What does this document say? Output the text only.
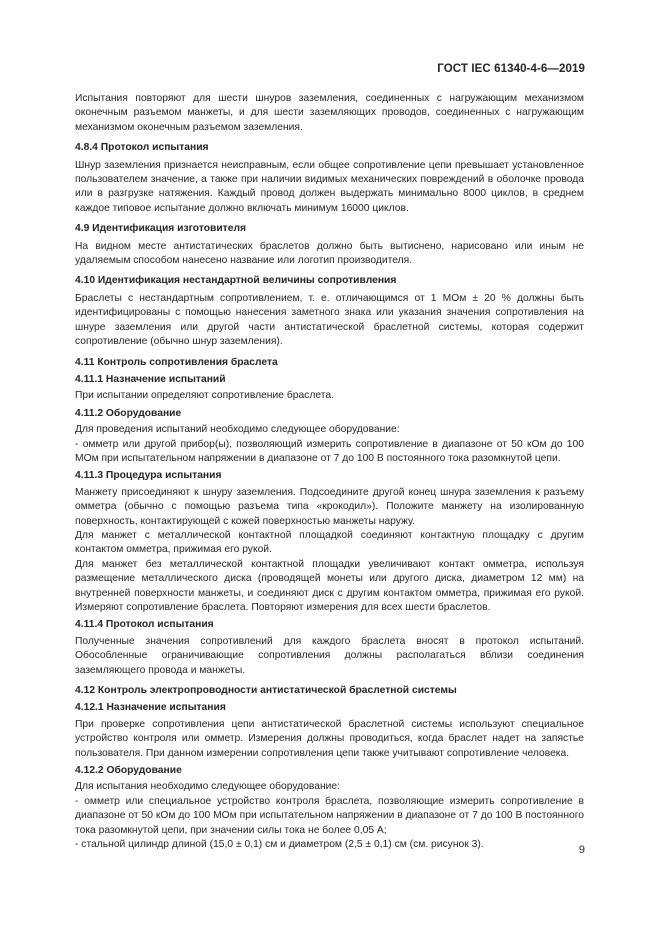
ГОСТ IEC 61340-4-6—2019
Испытания повторяют для шести шнуров заземления, соединенных с нагружающим механизмом оконечным разъемом манжеты, и для шести заземляющих проводов, соединенных с нагружающим механизмом оконечным разъемом заземления.
4.8.4 Протокол испытания
Шнур заземления признается неисправным, если общее сопротивление цепи превышает установленное пользователем значение, а также при наличии видимых механических повреждений в оболочке провода или в разгрузке натяжения. Каждый провод должен выдержать минимально 8000 циклов, в среднем каждое типовое испытание должно включать минимум 16000 циклов.
4.9 Идентификация изготовителя
На видном месте антистатических браслетов должно быть вытиснено, нарисовано или иным не удаляемым способом нанесено название или логотип производителя.
4.10 Идентификация нестандартной величины сопротивления
Браслеты с нестандартным сопротивлением, т. е. отличающимся от 1 МОм ± 20 % должны быть идентифицированы с помощью нанесения заметного знака или указания значения сопротивления на шнуре заземления или другой части антистатической браслетной системы, которая содержит сопротивление (обычно шнур заземления).
4.11 Контроль сопротивления браслета
4.11.1 Назначение испытаний
При испытании определяют сопротивление браслета.
4.11.2 Оборудование
Для проведения испытаний необходимо следующее оборудование:
- омметр или другой прибор(ы), позволяющий измерить сопротивление в диапазоне от 50 кОм до 100 МОм при испытательном напряжении в диапазоне от 7 до 100 В постоянного тока разомкнутой цепи.
4.11.3 Процедура испытания
Манжету присоединяют к шнуру заземления. Подсоедините другой конец шнура заземления к разъему омметра (обычно с помощью разъема типа «крокодил»). Положите манжету на изолированную поверхность, контактирующей с кожей поверхностью манжеты наружу.
Для манжет с металлической контактной площадкой соединяют контактную площадку с другим контактом омметра, прижимая его рукой.
Для манжет без металлической контактной площадки увеличивают контакт омметра, используя размещение металлического диска (проводящей монеты или другого диска, диаметром 12 мм) на внутренней поверхности манжеты, и соединяют диск с другим контактом омметра, прижимая его рукой. Измеряют сопротивление браслета. Повторяют измерения для всех шести браслетов.
4.11.4 Протокол испытания
Полученные значения сопротивлений для каждого браслета вносят в протокол испытаний. Обособленные ограничивающие сопротивления должны располагаться вблизи соединения заземляющего провода и манжеты.
4.12 Контроль электропроводности антистатической браслетной системы
4.12.1 Назначение испытания
При проверке сопротивления цепи антистатической браслетной системы используют специальное устройство контроля или омметр. Измерения должны проводиться, когда браслет надет на запястье пользователя. При данном измерении сопротивления цепи также учитывают сопротивление человека.
4.12.2 Оборудование
Для испытания необходимо следующее оборудование:
- омметр или специальное устройство контроля браслета, позволяющие измерить сопротивление в диапазоне от 50 кОм до 100 МОм при испытательном напряжении в диапазоне от 7 до 100 В постоянного тока разомкнутой цепи, при значении силы тока не более 0,05 А;
- стальной цилиндр длиной (15,0 ± 0,1) см и диаметром (2,5 ± 0,1) см (см. рисунок 3).	9
